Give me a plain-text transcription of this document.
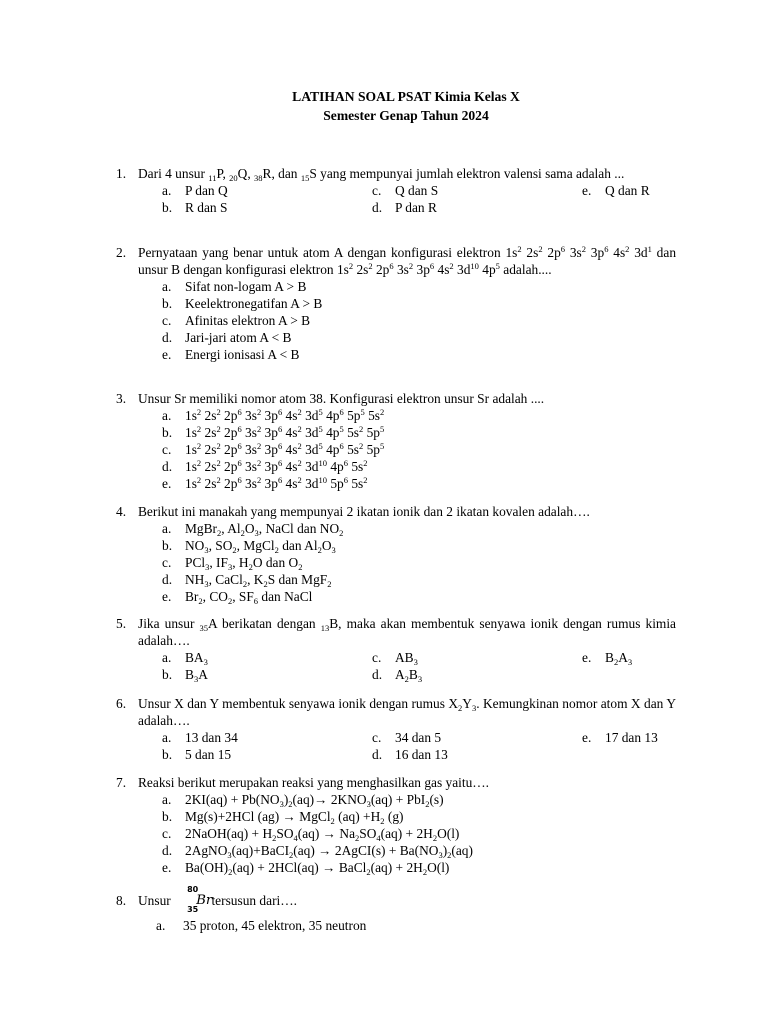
LATIHAN SOAL PSAT Kimia Kelas X
Semester Genap Tahun 2024
1. Dari 4 unsur $_{11}$P, $_{20}$Q, $_{38}$R, dan $_{15}$S yang mempunyai jumlah elektron valensi sama adalah ...
a.	P dan Q	c.	Q dan S	e.	Q dan R
b. R dan S	d. P dan R
2. Pernyataan yang benar untuk atom A dengan konfigurasi elektron $1s^2$ $2s^2$ $2p^6$ $3s^2$ $3p^6$ $4s^2$ $3d^1$ dan unsur B dengan konfigurasi elektron $1s^2$ $2s^2$ $2p^6$ $3s^2$ $3p^6$ $4s^2$ $3d^{10}$ $4p^5$ adalah....
a.	Sifat non-logam A > B
b. Keelektronegatifan A > B
c.	Afinitas elektron A > B
d. Jari-jari atom A < B
e.	Energi ionisasi A < B
3. Unsur Sr memiliki nomor atom 38. Konfigurasi elektron unsur Sr adalah ....
a.	$1s^2$ $2s^2$ $2p^6$ $3s^2$ $3p^6$ $4s^2$ $3d^5$ $4p^6$ $5p^5$ $5s^2$
b. $1s^2$ $2s^2$ $2p^6$ $3s^2$ $3p^6$ $4s^2$ $3d^5$ $4p^5$ $5s^2$ $5p^5$
c.	$1s^2$ $2s^2$ $2p^6$ $3s^2$ $3p^6$ $4s^2$ $3d^5$ $4p^6$ $5s^2$ $5p^5$
d. $1s^2$ $2s^2$ $2p^6$ $3s^2$ $3p^6$ $4s^2$ $3d^{10}$ $4p^6$ $5s^2$
e.	$1s^2$ $2s^2$ $2p^6$ $3s^2$ $3p^6$ $4s^2$ $3d^{10}$ $5p^6$ $5s^2$
4. Berikut ini manakah yang mempunyai 2 ikatan ionik dan 2 ikatan kovalen adalah….
a.	MgBr$_2$, $Al_2O_3$, NaCl dan $NO_2$
b. $NO_3$, $SO_2$, MgCl$_2$ dan $Al_2O_3$
c.	PCl$_3$, $IF_3$, $H_2O$ dan $O_2$
d. $NH_3$, CaCl$_2$, $K_2S$ dan MgF$_2$
e.	$Br_2$, $CO_2$, $SF_6$ dan NaCl
5. Jika unsur $_{35}$A berikatan dengan $_{13}$B, maka akan membentuk senyawa ionik dengan rumus kimia adalah….
a.	$BA_3$	c.	$AB_3$	e.	$B_2A_3$
b. $B_3A$	d. $A_2B_3$
6. Unsur X dan Y membentuk senyawa ionik dengan rumus $X_2Y_3$. Kemungkinan nomor atom X dan Y adalah….
a.	13 dan 34	c.	34 dan 5	e.	17 dan 13
b. 5 dan 15	d. 16 dan 13
7. Reaksi berikut merupakan reaksi yang menghasilkan gas yaitu….
a.	$2KI(aq) + Pb(NO_3)_2(aq)\to 2KNO_3(aq) + PbI_2(s)$
b. Mg(s)+2HCl (ag) → MgCl$_2$ $(aq) +H_2$ (g)
c.	2NaOH(aq) + $H_2SO_4(aq) \to Na_2SO_4(aq) + 2H_2O(l)$
d. 2AgNO$_3$(aq)+BaCI$_2$(aq) → 2AgCI(s) + $Ba(NO_3)_2(aq)$
e.	$Ba(OH)_2(aq) + 2HCl(aq)$ → BaCl$_2$(aq) + $2H_2O(l)$
8. Unsur
80
35
Br tersusun dari….
a.	35 proton, 45 elektron, 35 neutron
